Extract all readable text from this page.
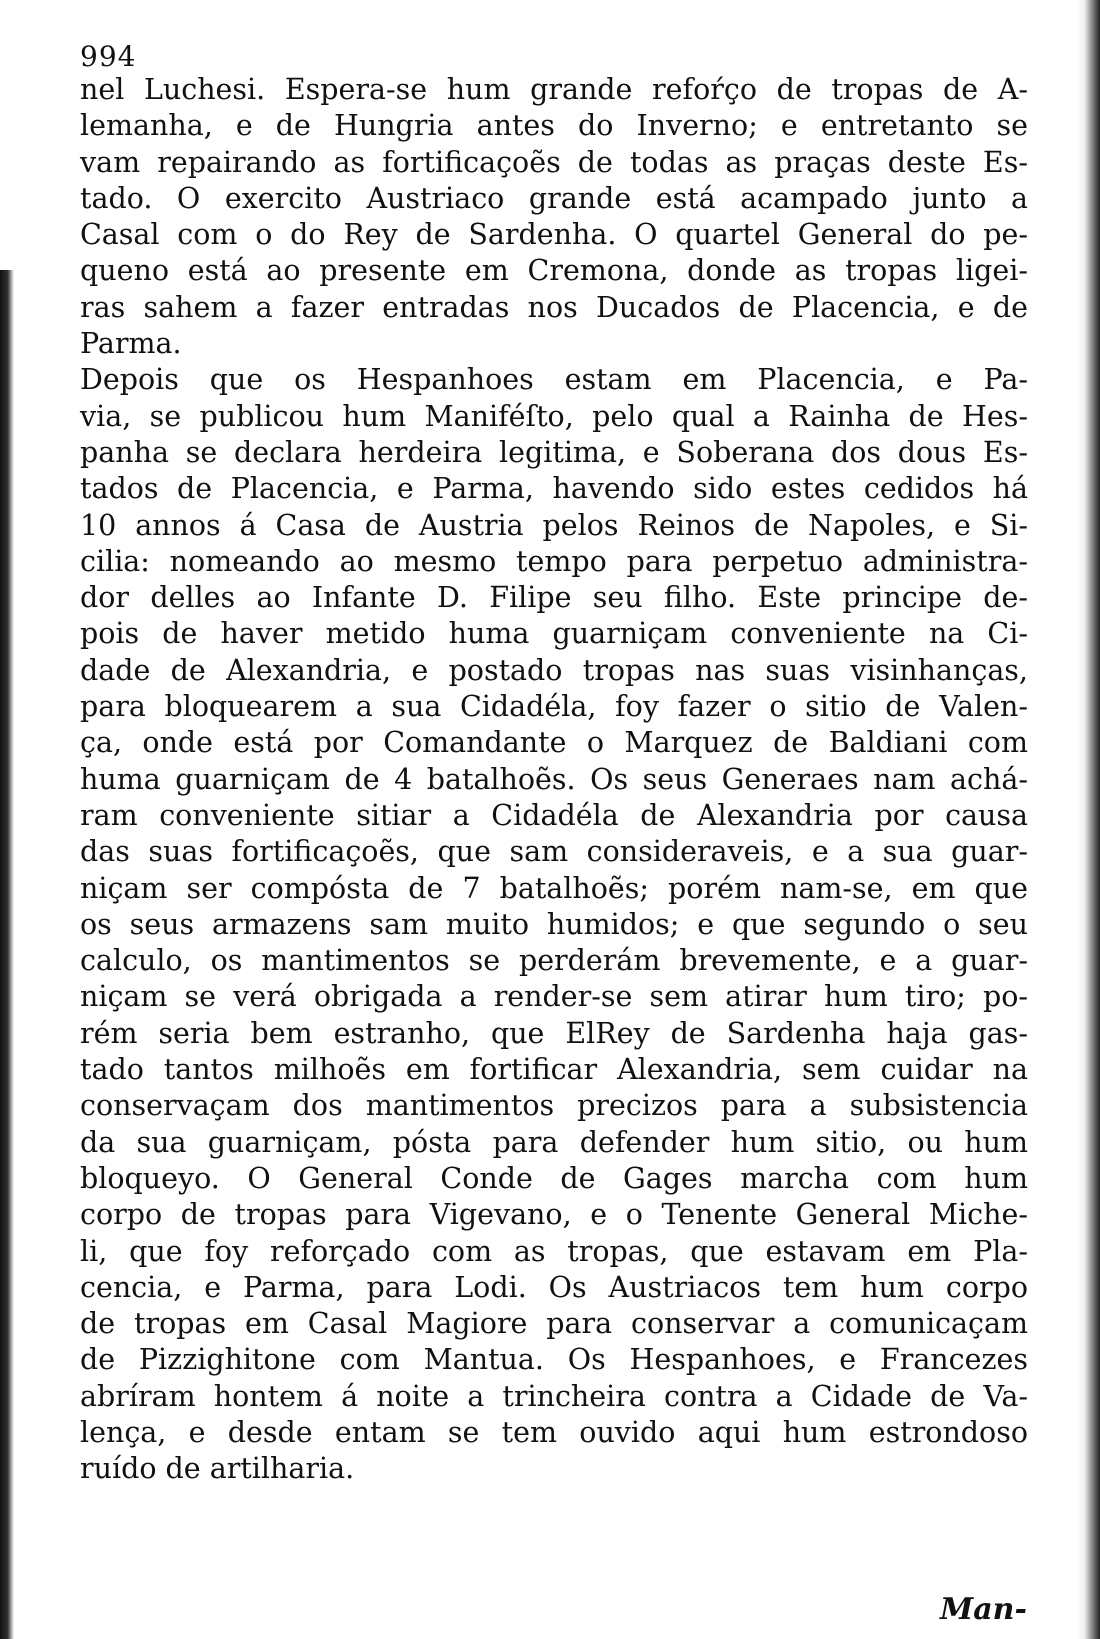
994
nel Luchesi. Espera-se hum grande refoŕço de tropas de A-
lemanha, e de Hungria antes do Inverno; e entretanto se
vam repairando as fortificaçoẽs de todas as praças deste Es-
tado. O exercito Austriaco grande está acampado junto a
Casal com o do Rey de Sardenha. O quartel General do pe-
queno está ao presente em Cremona, donde as tropas ligei-
ras sahem a fazer entradas nos Ducados de Placencia, e de
Parma.
Depois que os Hespanhoes estam em Placencia, e Pa-
via, se publicou hum Maniféſto, pelo qual a Rainha de Hes-
panha se declara herdeira legitima, e Soberana dos dous Es-
tados de Placencia, e Parma, havendo sido estes cedidos há
10 annos á Casa de Austria pelos Reinos de Napoles, e Si-
cilia: nomeando ao mesmo tempo para perpetuo administra-
dor delles ao Infante D. Filipe seu filho. Este principe de-
pois de haver metido huma guarniçam conveniente na Ci-
dade de Alexandria, e postado tropas nas suas visinhanças,
para bloquearem a sua Cidadéla, foy fazer o sitio de Valen-
ça, onde está por Comandante o Marquez de Baldiani com
huma guarniçam de 4 batalhoẽs. Os seus Generaes nam achá-
ram conveniente sitiar a Cidadéla de Alexandria por causa
das suas fortificaçoẽs, que sam consideraveis, e a sua guar-
niçam ser compósta de 7 batalhoẽs; porém nam-se, em que
os seus armazens sam muito humidos; e que segundo o seu
calculo, os mantimentos se perderám brevemente, e a guar-
niçam se verá obrigada a render-se sem atirar hum tiro; po-
rém seria bem estranho, que ElRey de Sardenha haja gas-
tado tantos milhoẽs em fortificar Alexandria, sem cuidar na
conservaçam dos mantimentos precizos para a subsistencia
da sua guarniçam, pósta para defender hum sitio, ou hum
bloqueyo. O General Conde de Gages marcha com hum
corpo de tropas para Vigevano, e o Tenente General Miche-
li, que foy reforçado com as tropas, que estavam em Pla-
cencia, e Parma, para Lodi. Os Austriacos tem hum corpo
de tropas em Casal Magiore para conservar a comunicaçam
de Pizzighitone com Mantua. Os Hespanhoes, e Francezes
abríram hontem á noite a trincheira contra a Cidade de Va-
lença, e desde entam se tem ouvido aqui hum estrondoso
ruído de artilharia.
Man-
